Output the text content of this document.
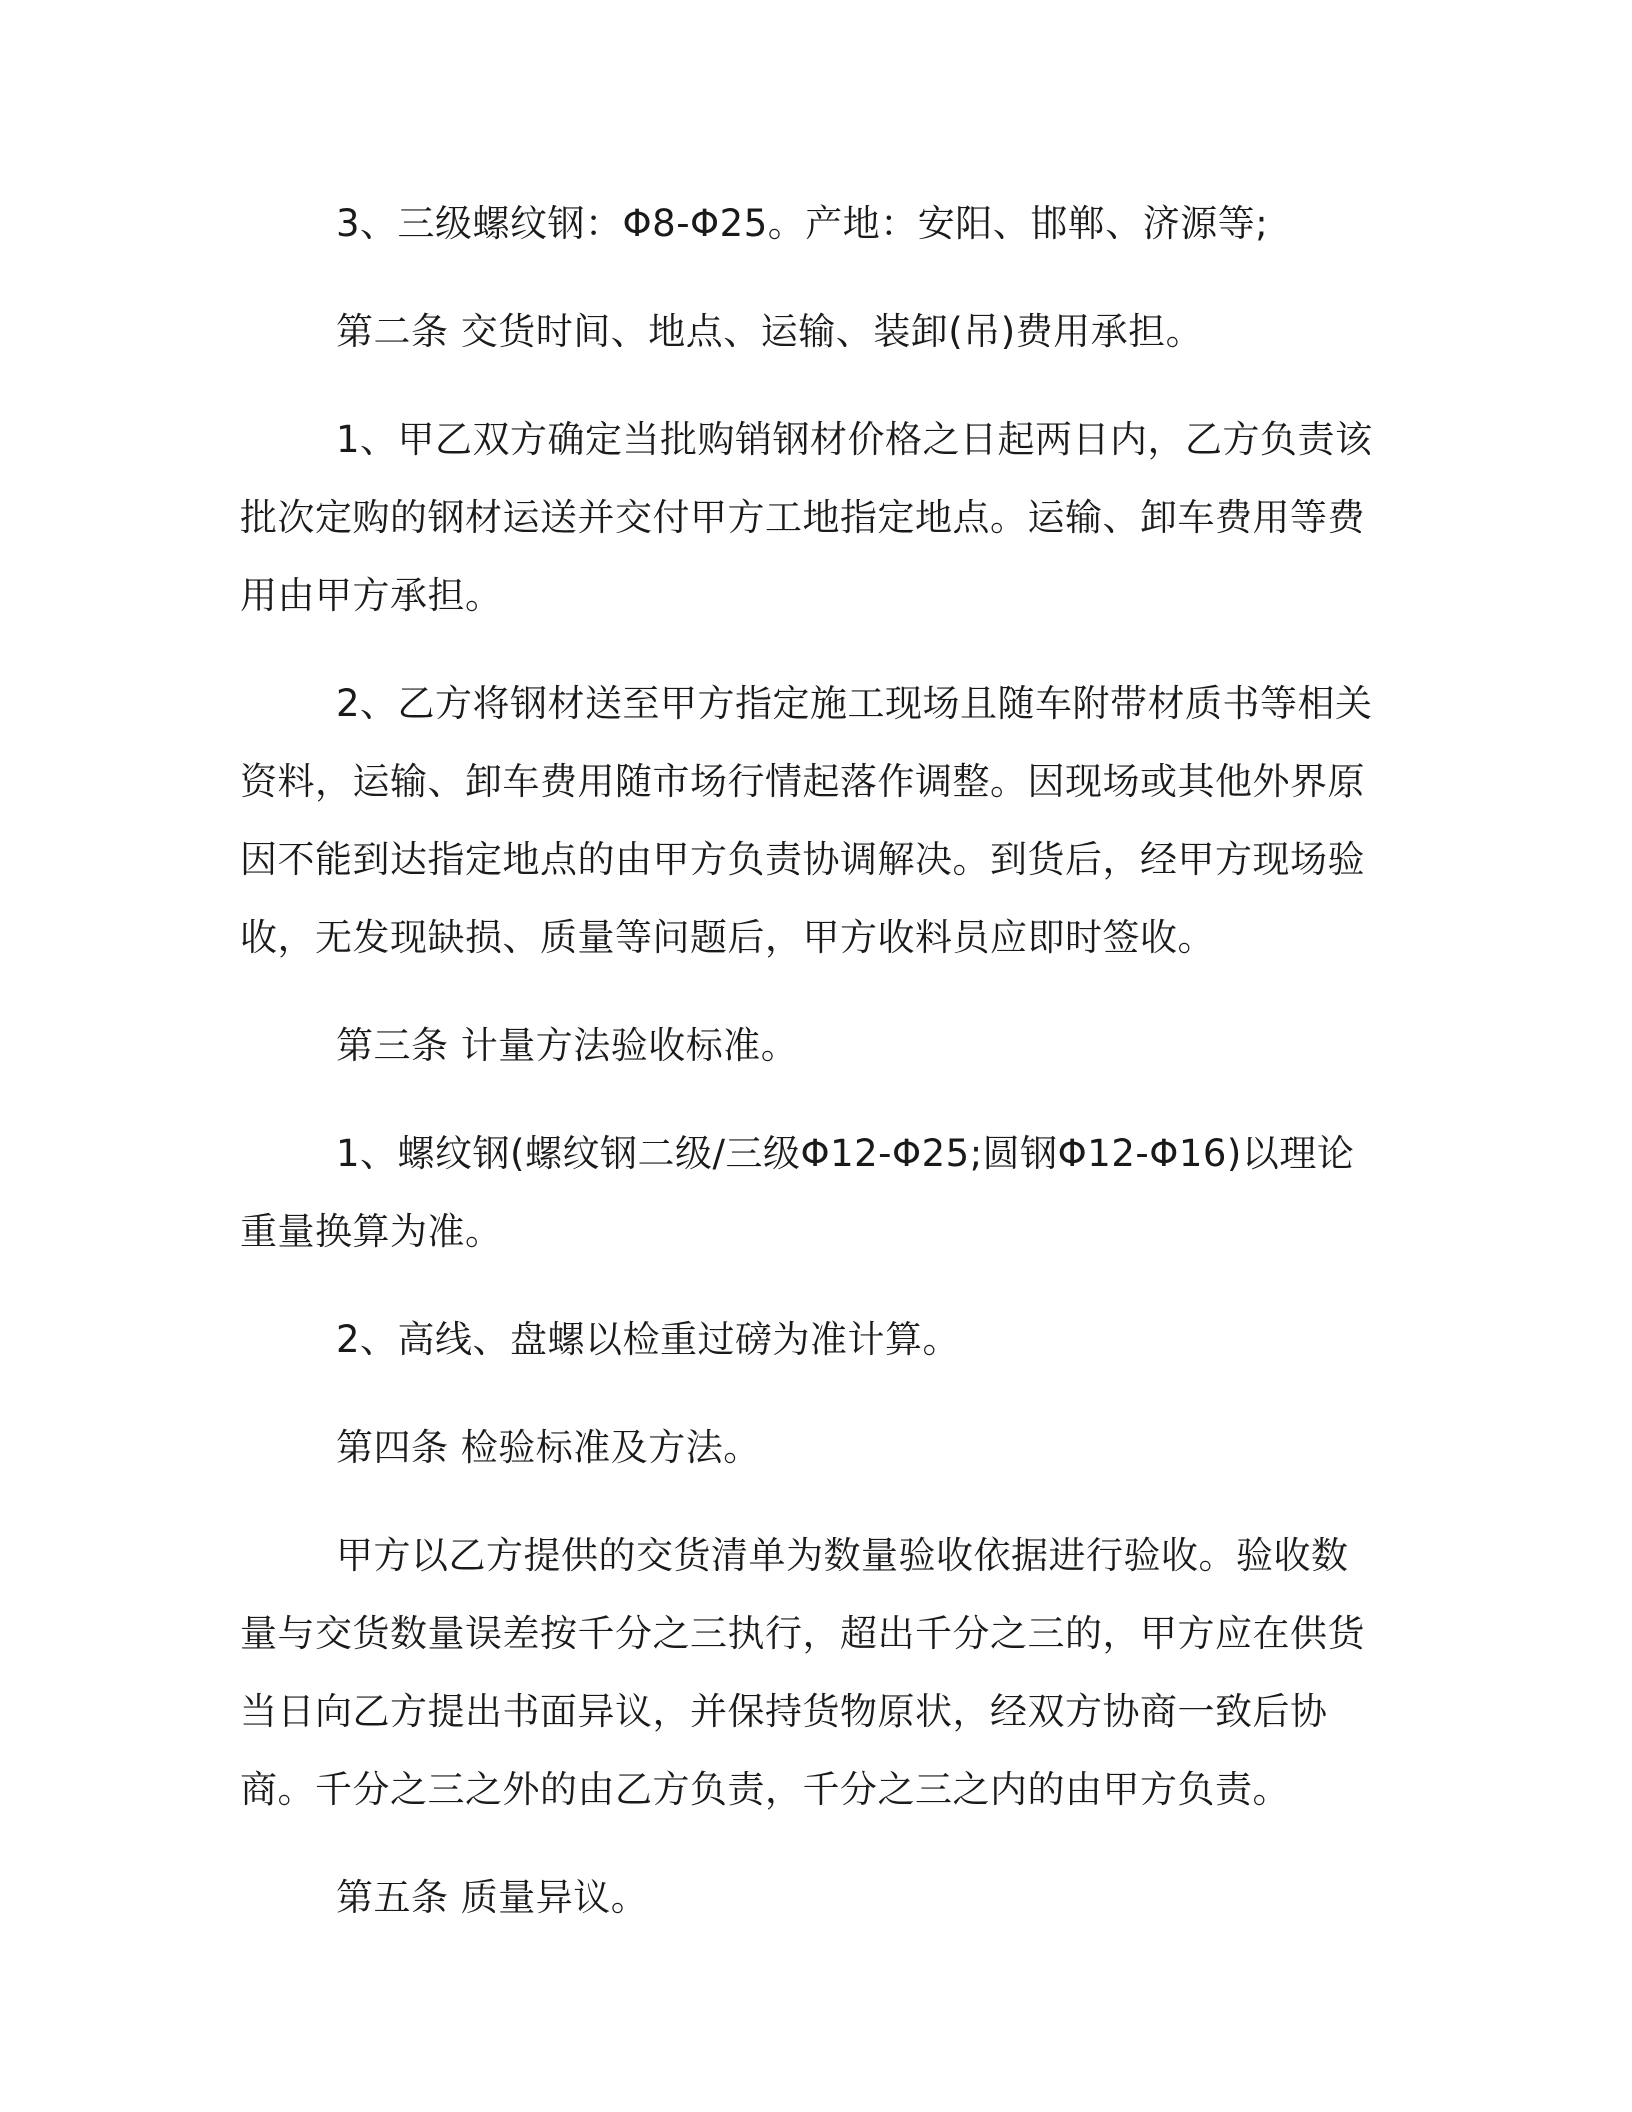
3、三级螺纹钢：Φ8-Φ25。产地：安阳、邯郸、济源等;

第二条 交货时间、地点、运输、装卸(吊)费用承担。

1、甲乙双方确定当批购销钢材价格之日起两日内，乙方负责该批次定购的钢材运送并交付甲方工地指定地点。运输、卸车费用等费用由甲方承担。

2、乙方将钢材送至甲方指定施工现场且随车附带材质书等相关资料，运输、卸车费用随市场行情起落作调整。因现场或其他外界原因不能到达指定地点的由甲方负责协调解决。到货后，经甲方现场验收，无发现缺损、质量等问题后，甲方收料员应即时签收。

第三条 计量方法验收标准。

1、螺纹钢(螺纹钢二级/三级Φ12-Φ25;圆钢Φ12-Φ16)以理论重量换算为准。

2、高线、盘螺以检重过磅为准计算。

第四条 检验标准及方法。

甲方以乙方提供的交货清单为数量验收依据进行验收。验收数量与交货数量误差按千分之三执行，超出千分之三的，甲方应在供货当日向乙方提出书面异议，并保持货物原状，经双方协商一致后协商。千分之三之外的由乙方负责，千分之三之内的由甲方负责。

第五条 质量异议。
